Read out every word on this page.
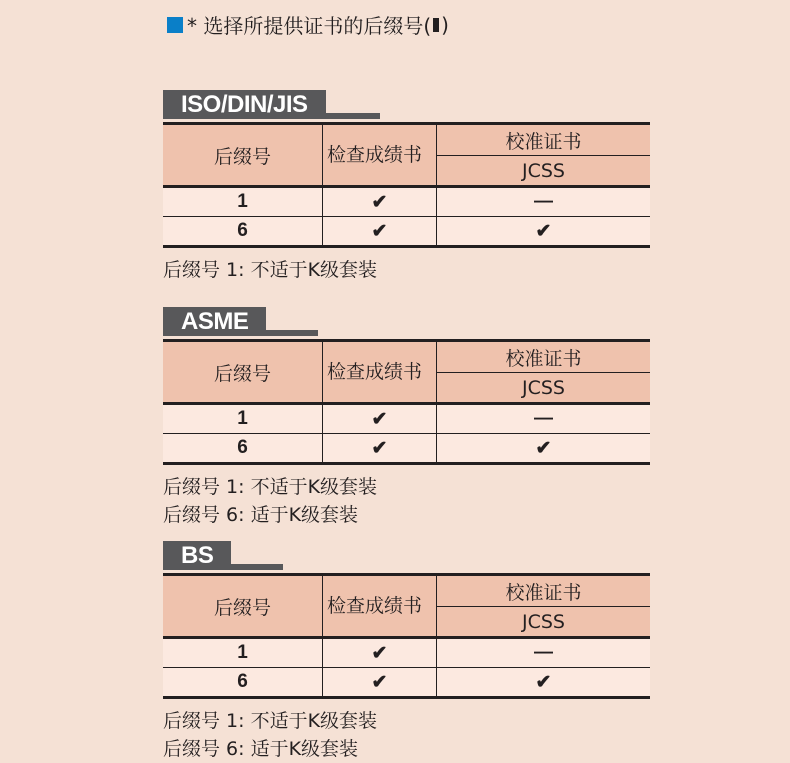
* 选择所提供证书的后缀号( )
ISO/DIN/JIS
后缀号	检查成绩书	校准证书
		JCSS
1	✔	—
6	✔	✔
后缀号 1: 不适于K级套装
ASME
后缀号	检查成绩书	校准证书
		JCSS
1	✔	—
6	✔	✔
后缀号 1: 不适于K级套装
后缀号 6: 适于K级套装
BS
后缀号	检查成绩书	校准证书
		JCSS
1	✔	—
6	✔	✔
后缀号 1: 不适于K级套装
后缀号 6: 适于K级套装
